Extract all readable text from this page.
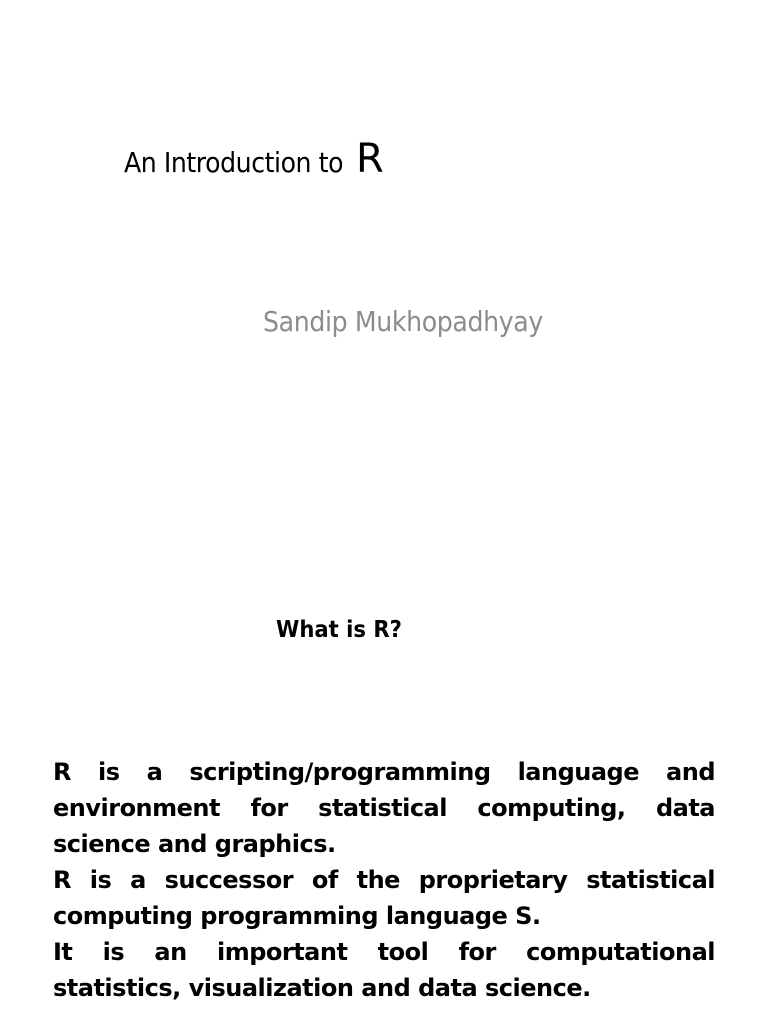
An Introduction to R
Sandip Mukhopadhyay
What is R?

R is a scripting/programming language and environment for statistical computing, data science and graphics.

R is a successor of the proprietary statistical computing programming language S.

It is an important tool for computational statistics, visualization and data science.
